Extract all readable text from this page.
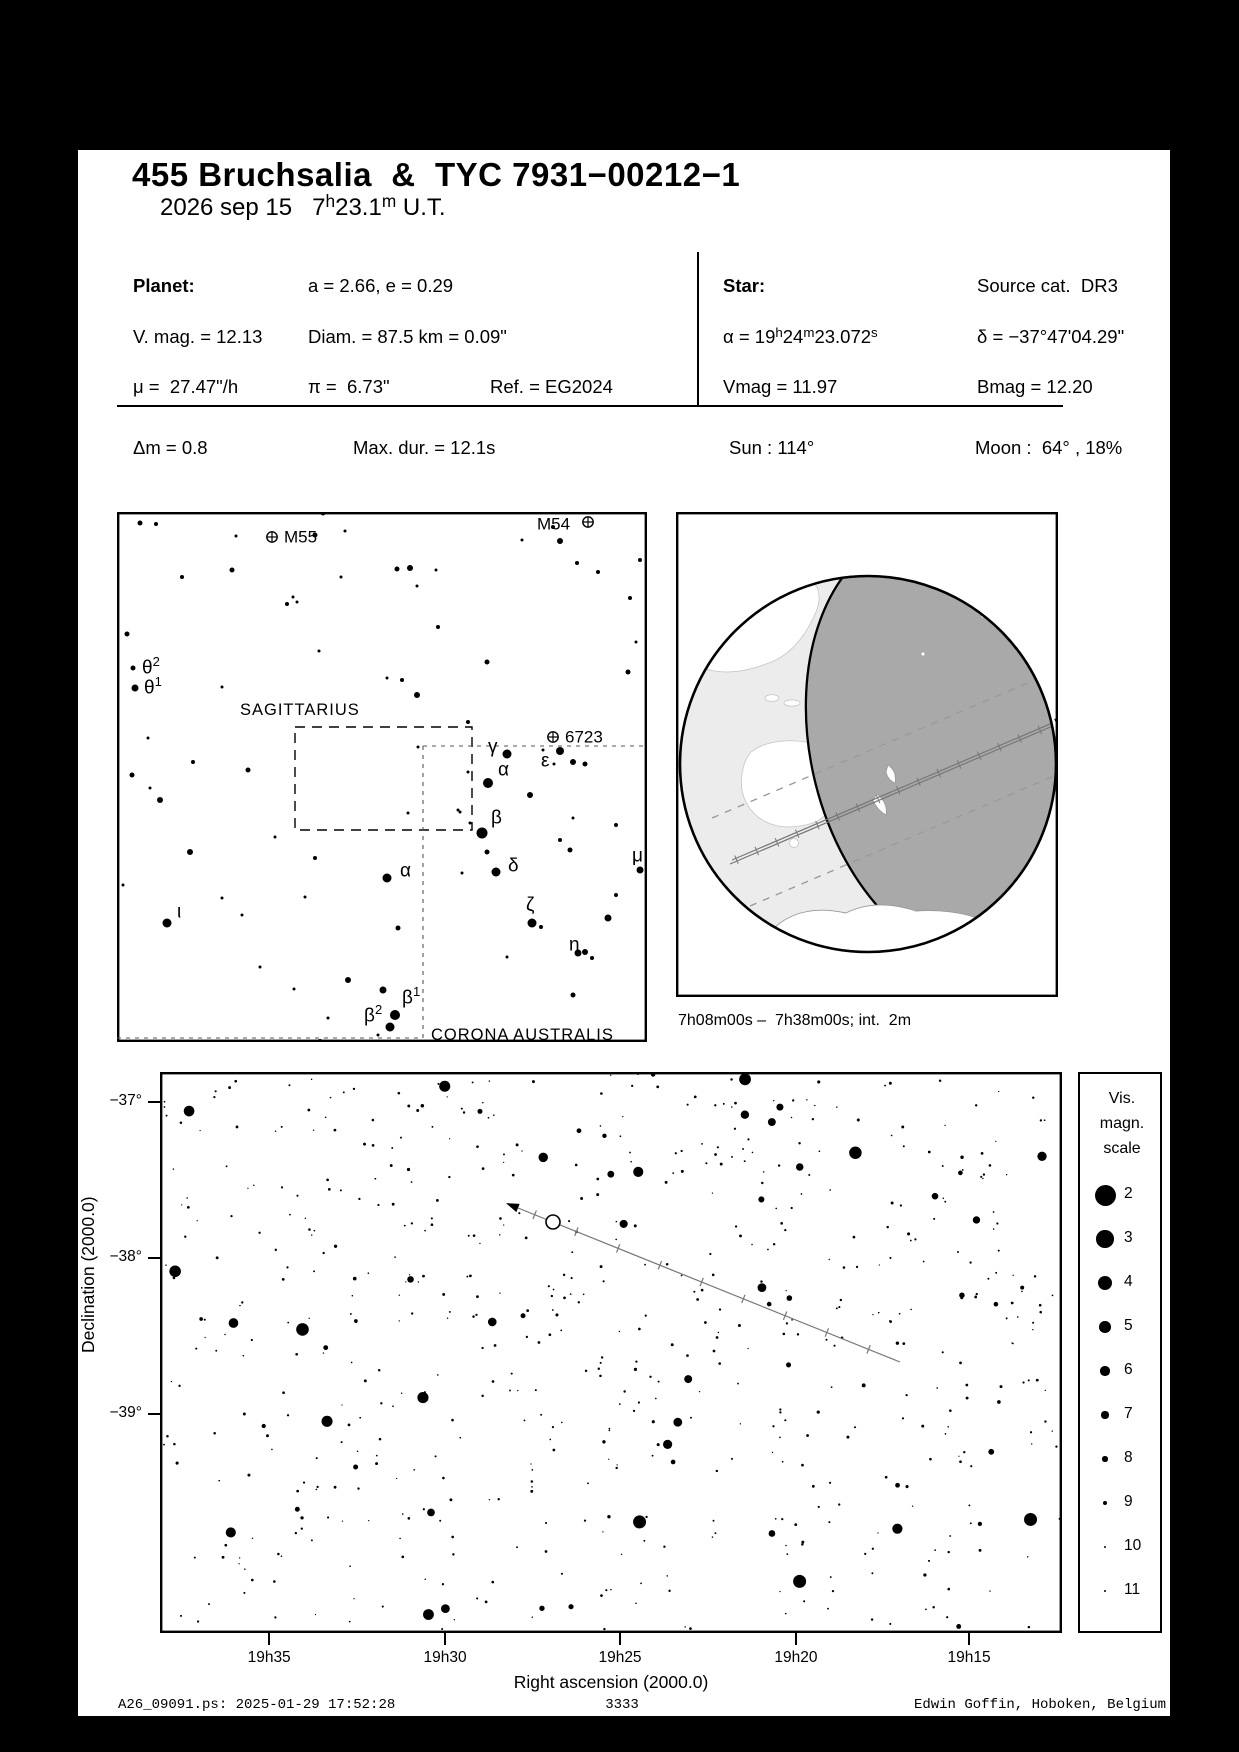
455 Bruchsalia  &  TYC 7931−00212−1
2026 sep 15   7$^h$23.1$^m$ U.T.
Planet:	a = 2.66, e = 0.29
V. mag. = 12.13 Diam. = 87.5 km = 0.09"
μ =  27.47"/h	π =  6.73"	Ref. = EG2024
Star:	Source cat.  DR3
$\alpha = 19^h24^m23.072^s$	δ = −37°47'04.29"
Vmag = 11.97	Bmag = 12.20
Δm = 0.8	Max. dur. = 12.1s	Sun : 114°	Moon :  64° , 18%
M55
M54
6723
$\theta^2$
$\theta^1$
ι
α
γ
α ε
β
δ
ζ
μ
η
$\beta^1$
$\beta^2$
SAGITTARIUS
CORONA AUSTRALIS
7h08m00s –  7h38m00s; int.  2m
19h35	19h30	19h25	19h20	19h15
−37°
−38°
−39°
Right ascension (2000.0)
Declination (2000.0)
Vis.
magn.
scale
2
3
4
5
6
7
8
9
10
11
A26_09091.ps: 2025-01-29 17:52:28	3333	Edwin Goffin, Hoboken, Belgium
